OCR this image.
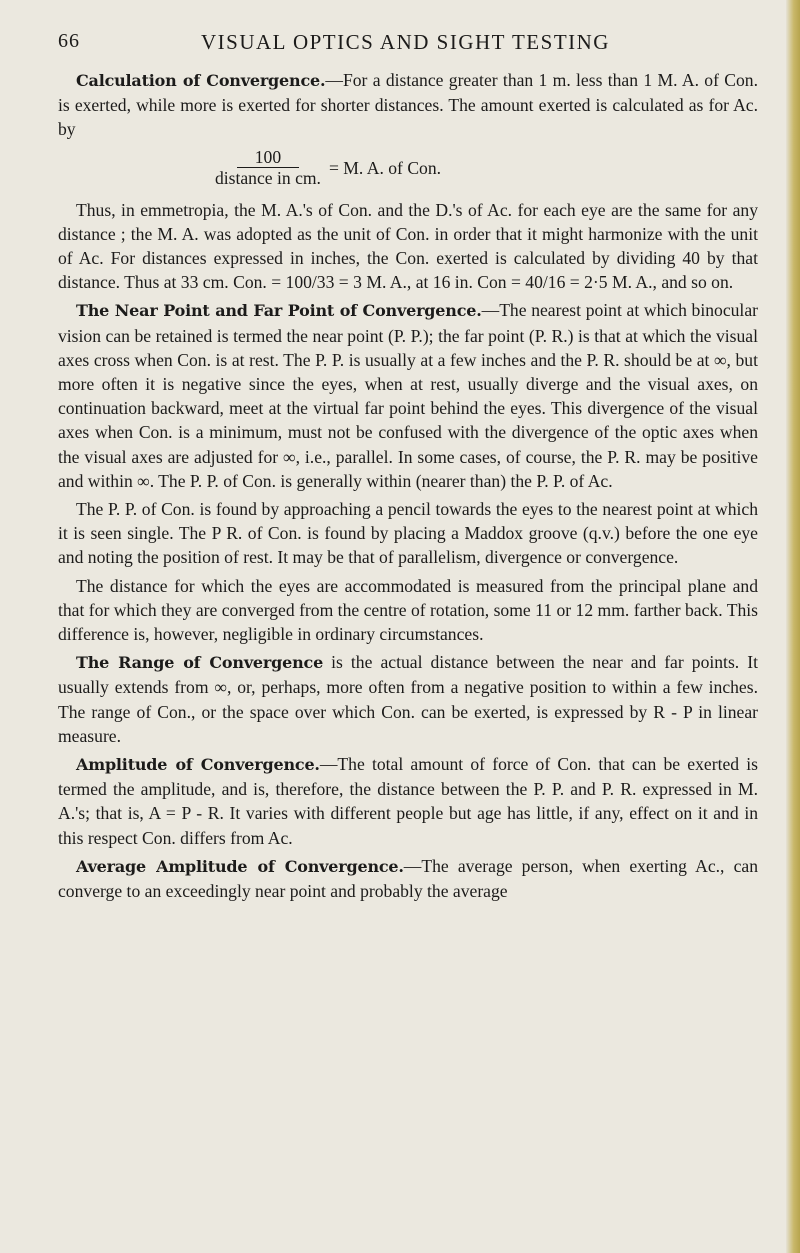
66	VISUAL OPTICS AND SIGHT TESTING

Calculation of Convergence.—For a distance greater than 1 m. less than 1 M. A. of Con. is exerted, while more is exerted for shorter distances. The amount exerted is calculated as for Ac. by

$\frac{100}{\text{distance in cm.}} = M$. A. of Con.

Thus, in emmetropia, the M. A.'s of Con. and the D.'s of Ac. for each eye are the same for any distance ; the M. A. was adopted as the unit of Con. in order that it might harmonize with the unit of Ac. For distances expressed in inches, the Con. exerted is calculated by dividing 40 by that distance. Thus at 33 cm. Con. = 100/33 = 3 M. A., at 16 in. Con = 40/16 = 2·5 M. A., and so on.

The Near Point and Far Point of Convergence.—The nearest point at which binocular vision can be retained is termed the near point (P. P.); the far point (P. R.) is that at which the visual axes cross when Con. is at rest. The P. P. is usually at a few inches and the P. R. should be at ∞, but more often it is negative since the eyes, when at rest, usually diverge and the visual axes, on continuation backward, meet at the virtual far point behind the eyes. This divergence of the visual axes when Con. is a minimum, must not be confused with the divergence of the optic axes when the visual axes are adjusted for ∞, i.e., parallel. In some cases, of course, the P. R. may be positive and within ∞. The P. P. of Con. is generally within (nearer than) the P. P. of Ac.

The P. P. of Con. is found by approaching a pencil towards the eyes to the nearest point at which it is seen single. The P R. of Con. is found by placing a Maddox groove (q.v.) before the one eye and noting the position of rest. It may be that of parallelism, divergence or convergence.

The distance for which the eyes are accommodated is measured from the principal plane and that for which they are converged from the centre of rotation, some 11 or 12 mm. farther back. This difference is, however, negligible in ordinary circumstances.

The Range of Convergence is the actual distance between the near and far points. It usually extends from ∞, or, perhaps, more often from a negative position to within a few inches. The range of Con., or the space over which Con. can be exerted, is expressed by R - P in linear measure.

Amplitude of Convergence.—The total amount of force of Con. that can be exerted is termed the amplitude, and is, therefore, the distance between the P. P. and P. R. expressed in M. A.'s; that is, A = P - R. It varies with different people but age has little, if any, effect on it and in this respect Con. differs from Ac.

Average Amplitude of Convergence.—The average person, when exerting Ac., can converge to an exceedingly near point and probably the average
